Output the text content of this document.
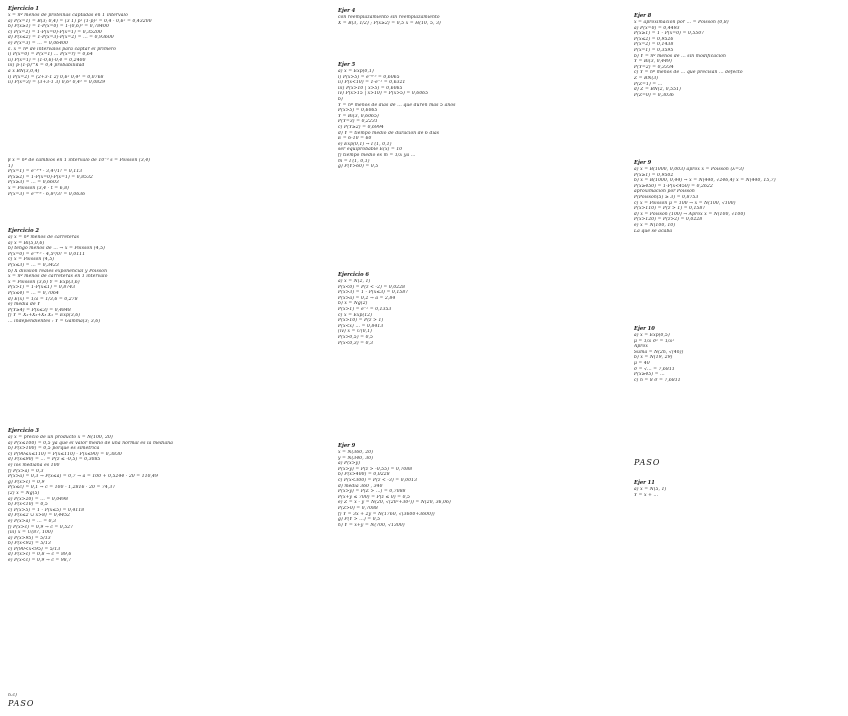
Ejercicio 1
x = nº menos de proteinas captadas en 1 intervalo
a) P(x=1) = B(3; 0,4) = (3 1) p¹ (1-p)² = 0,4 · 0,6² = 0,43200
b) P(x≥1) = 1-P(x=0) = 1-(0,6)³ = 0,78400
c) P(x=2) = 1-P(x=0)-P(x=1) = 0,35200
d) P(x≤2) = 1-P(x=3)-P(x=2) = ... = 0,93600
e) P(x=3) = ... = 0,06400
ε. x = nº de intervalos para captar el primero
i) P(x=0) = P(x=1) ... P(x=r) = 0,64
ii) P(x=1) = (1-0,6)·0,4 = 0,2400
iii) p·(1-p)^k = 0,4 probabilidad
a x BN(3,0,4)
i) P(x=2) = (2+3-1 2) 0,6² 0,4³ = 0,0768
ii) P(x=3) = (3+3-1 3) 0,6³ 0,4³ = 0,0829
β x = nº de cambios en 1 intervalo de 10⁻³ s = Poisson (3,4)
1)
P(x=1) = e⁻³'⁴ · 3,4¹/1! = 0,113
P(x≥2) = 1-P(x=0)-P(x=1) = 0,8532
P(x≥3) = ... = 0,6603
x = Poisson (3,4 · t = 6,8)
P(x=3) = e⁻⁶'⁸ · 6,8³/3! = 0,0636
Ejercicio 2
a) x = nº menos de carreteras
a) x = Bi(5,0,6)
b) tengo menos de ... → x = Poisson (4,5)
P(x=0) = e⁻⁴'⁵ · 4,5⁰/0! = 0,0111
c) x = Poisson (4,5)
P(x≤3) = ... = 0,3423
b) X división reales exponencial y Poisson
x = nº menos de carreteras en 1 intervalo
x = Poisson (3,6) Y = Exp(3,6)
P(x>1) = 1-P(x≤1) = 0,8743
P(x≤4) = ... = 0,7064
d) E(x) = 1/λ = 1/3,6 = 0,278
e) media de Y
P(Y≥4) = P(x≤3) = 0,4848
f) Y = X₁+X₂+X₃ X₁ = Exp(3,6)
... independientes : Y = Gamma(3; 3,6)
Ejercicio 3
a) x = precio de un producto x = N(100, 20)
a) P(x≤100) = 0,5 ya que el valor medio de una normal es la mediana
b) P(x>100) = 0,5 porque es simétrica
c) P(90≤x≤110) = P(x≤110) - P(x≤90) = 0,3830
d) P(x≤90) = ... = P(z ≤ -0,5) = 0,3085
e) los mediana es 100
f) P(x>a) = 0,3
P(x>a) = 0,3 → P(x≤a) = 0,7 → a = 100 + 0,5244 · 20 = 110,49
g) P(x>c) = 0,9
P(x≤c) = 0,1 → c = 100 - 1,2816 · 20 = 74,37
(2) x = Ng(5)
a) P(x>20) = ... = 0,0498
b) P(x<10) = 0,5
c) P(x>5) = 1 - P(x≤5) = 0,4118
d) P(x≤2 ∪ x>8) = 0,4452
e) P(x>a) = ... = 0,3
f) P(x>c) = 0,9 → c = 0,527
(iii) x = U(87, 100)
a) P(x>95) = 5/13
b) P(x<92) = 5/13
c) P(90<x<95) = 5/13
d) P(x>c) = 0,8 → c = 89,6
e) P(x<c) = 0,9 → c = 98,7
n.c)
PASO
Ejer 4
con reemplazamiento sin reemplazamiento
X = B(3, 1/2) ; P(x≥2) = 0,5 x = H(10, 5, 3)
Ejer 5
a) x = Exp(0,1)
i) P(x>5) = e⁻⁰'⁵ = 0,6065
ii) P(x<10) = 1-e⁻¹ = 0,6321
iii) P(x>10 | x>5) = 0,6065
iv) P(x>15 | x>10) = P(x>5) = 0,6065
b)
Y = nº menos de días de ... que duren más 5 años
P(x>5) = 0,6065
Y = Bi(3, 0,6065)
P(Y=3) = 0,2231
c) P(Y≥2) = 0,6994
d) Y = tiempo medio de duración de 6 días
E = 6·10 = 60
e) Exp(0,1) → Γ(1, 0,1)
ser equiprobable E(x) = 10
f) tiempo medio es m = 1/λ ya ...
m = Γ(1, 0,1)
g) P(Y>60) = 0,5
Ejercicio 6
a) x = N(2, 1)
P(x<0) = P(z < -2) = 0,0228
P(x>3) = 1 - P(x≤3) = 0,1587
P(x>a) = 0,2 → a = 2,84
b) x = Ng(2)
P(x>1) = e⁻² = 0,1353
c) x = Exp(12)
P(x>10) = P(z > 1)
P(x<x) ... = 0,8413
(iv) x = U(0,1)
P(x>0,5) = 0,5
P(x<0,3) = 0,3
Ejer 9
x = N(360, 20)
y = N(340, 30)
a) P(x>y)
P(x>y) = P(z > -0,55) = 0,7088
b) P(x>400) = 0,0228
c) P(x<300) = P(z < -3) = 0,0013
d) media 360 , 340
P(x>y) = P(Z > ...) = 0,7088
P(x+y ≤ 700) = P(z ≤ 0) = 0,5
e) Z = x - y = N(20, √(20²+30²)) = N(20, 36,06)
P(Z>0) = 0,7088
f) Y = 3x + 2y = N(1760, √(3600+3600))
g) P(Y > ...) = 0,5
h) Y = x+y = N(700, √1300)
Ejer 8
x = aproximación por ... = Poisson (0,8)
a) P(x=0) = 0,4493
P(x≥1) = 1 - P(x=0) = 0,5507
P(x≤2) = 0,9526
P(x=2) = 0,1438
P(x=1) = 0,3595
b) Y = nº menos de ... sin modificación
Y = Bi(3, 0,449)
P(Y=2) = 0,3334
c) Y = nº menos de ... que precisan ... defecto
Z = BN(3)
P(Z=1) = ...
d) Z = BN(2, 0,551)
P(Z=0) = 0,3036
Ejer 9
a) x = B(1000, 0,003) aprox x = Poisson (λ=3)
P(x≥1) = 0,9502
b) x = B(1000, 0,44) → x = N(440, √246,4) x = N(440, 15,7)
P(x≥450) = 1-P(x<450) = 0,2622
aproximación por Poisson
P(Poisson(5) ≥ 3) = 0,8753
c) x = Poisson μ = 100 → x = N(100, √100)
P(x>110) = P(z > 1) = 0,1587
d) x = Poisson (100) → Aprox x = N(100, √100)
P(x>120) = P(z>2) = 0,0228
e) x = N(100, 10)
La que se acaba
Ejer 10
a) x = Exp(0,5)
μ = 1/λ σ² = 1/λ²
Aprox
Suma = N(2n, √(4n))
b) x = N(19, 29)
μ = 40
σ = √... = 7,6811
P(x≥45) = ...
c) n = 8 σ = 7,6811
PASO
Ejer 11
a) x = N(5, 1)
Y = x + ...
